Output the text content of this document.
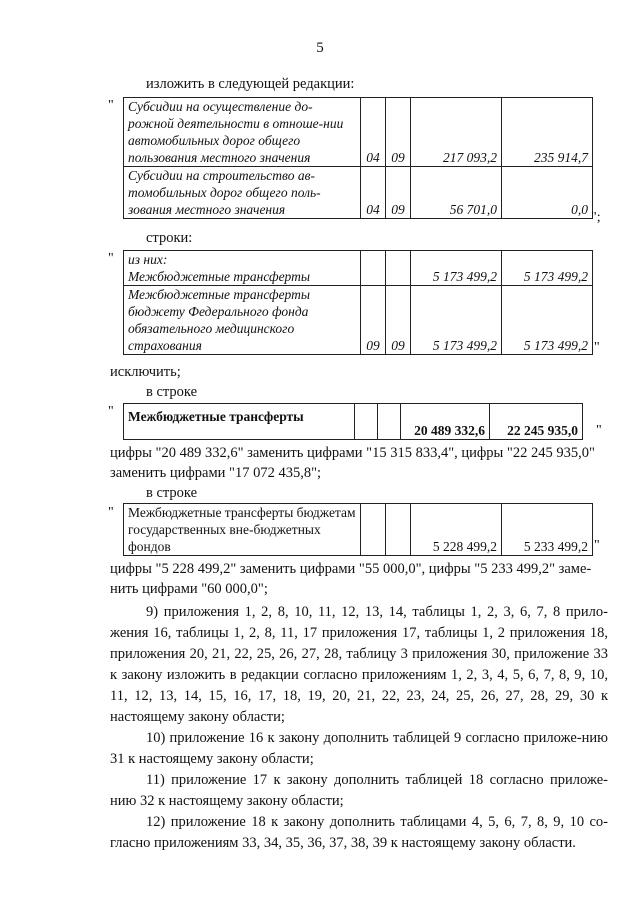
5
изложить в следующей редакции:
" Субсидии на осуществление до-рожной деятельности в отноше-нии автомобильных дорог общего пользования местного значения	04	09	217 093,2	235 914,7
Субсидии на строительство ав-томобильных дорог общего поль-зования местного значения	04	09	56 701,0	0,0
";
строки:
" из них:
Межбюджетные трансферты			5 173 499,2	5 173 499,2
Межбюджетные трансферты бюджету Федерального фонда обязательного медицинского страхования	09	09	5 173 499,2	5 173 499,2 "
исключить;
в строке
" Межбюджетные трансферты			20 489 332,6	22 245 935,0 "
цифры "20 489 332,6" заменить цифрами "15 315 833,4", цифры "22 245 935,0"
заменить цифрами "17 072 435,8";
в строке
" Межбюджетные трансферты бюджетам государственных вне-бюджетных фондов			5 228 499,2	5 233 499,2 "
цифры "5 228 499,2" заменить цифрами "55 000,0", цифры "5 233 499,2" заме-
нить цифрами "60 000,0";

9) приложения 1, 2, 8, 10, 11, 12, 13, 14, таблицы 1, 2, 3, 6, 7, 8 прило-жения 16, таблицы 1, 2, 8, 11, 17 приложения 17, таблицы 1, 2 приложения 18, приложения 20, 21, 22, 25, 26, 27, 28, таблицу 3 приложения 30, приложение 33 к закону изложить в редакции согласно приложениям 1, 2, 3, 4, 5, 6, 7, 8, 9, 10, 11, 12, 13, 14, 15, 16, 17, 18, 19, 20, 21, 22, 23, 24, 25, 26, 27, 28, 29, 30 к настоящему закону области;

10) приложение 16 к закону дополнить таблицей 9 согласно приложе-нию 31 к настоящему закону области;

11) приложение 17 к закону дополнить таблицей 18 согласно приложе-нию 32 к настоящему закону области;

12) приложение 18 к закону дополнить таблицами 4, 5, 6, 7, 8, 9, 10 со-гласно приложениям 33, 34, 35, 36, 37, 38, 39 к настоящему закону области.
